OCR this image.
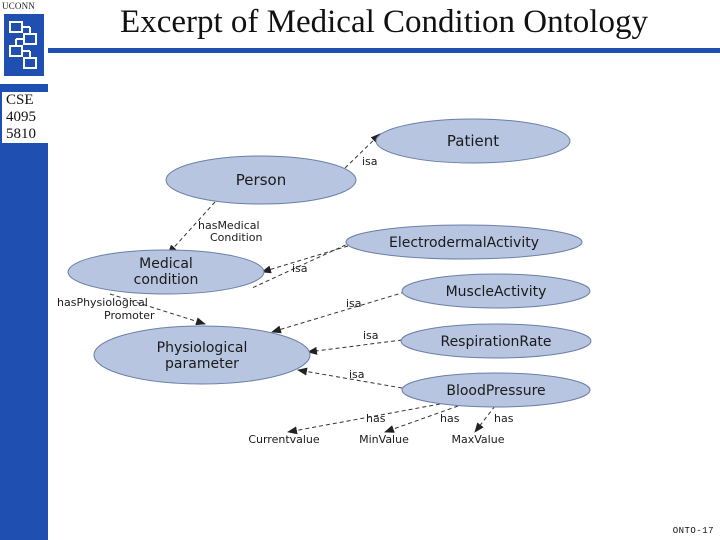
UCONN
CSE
4095
5810
Excerpt of Medical Condition Ontology
Patient
Person
ElectrodermalActivity
Medical
condition
MuscleActivity
Physiological
parameter
RespirationRate
BloodPressure
Currentvalue	MinValue	MaxValue
isa
hasMedical
Condition
isa
hasPhysiological
Promoter
isa
isa
isa
has	has	has
ONTO-17
